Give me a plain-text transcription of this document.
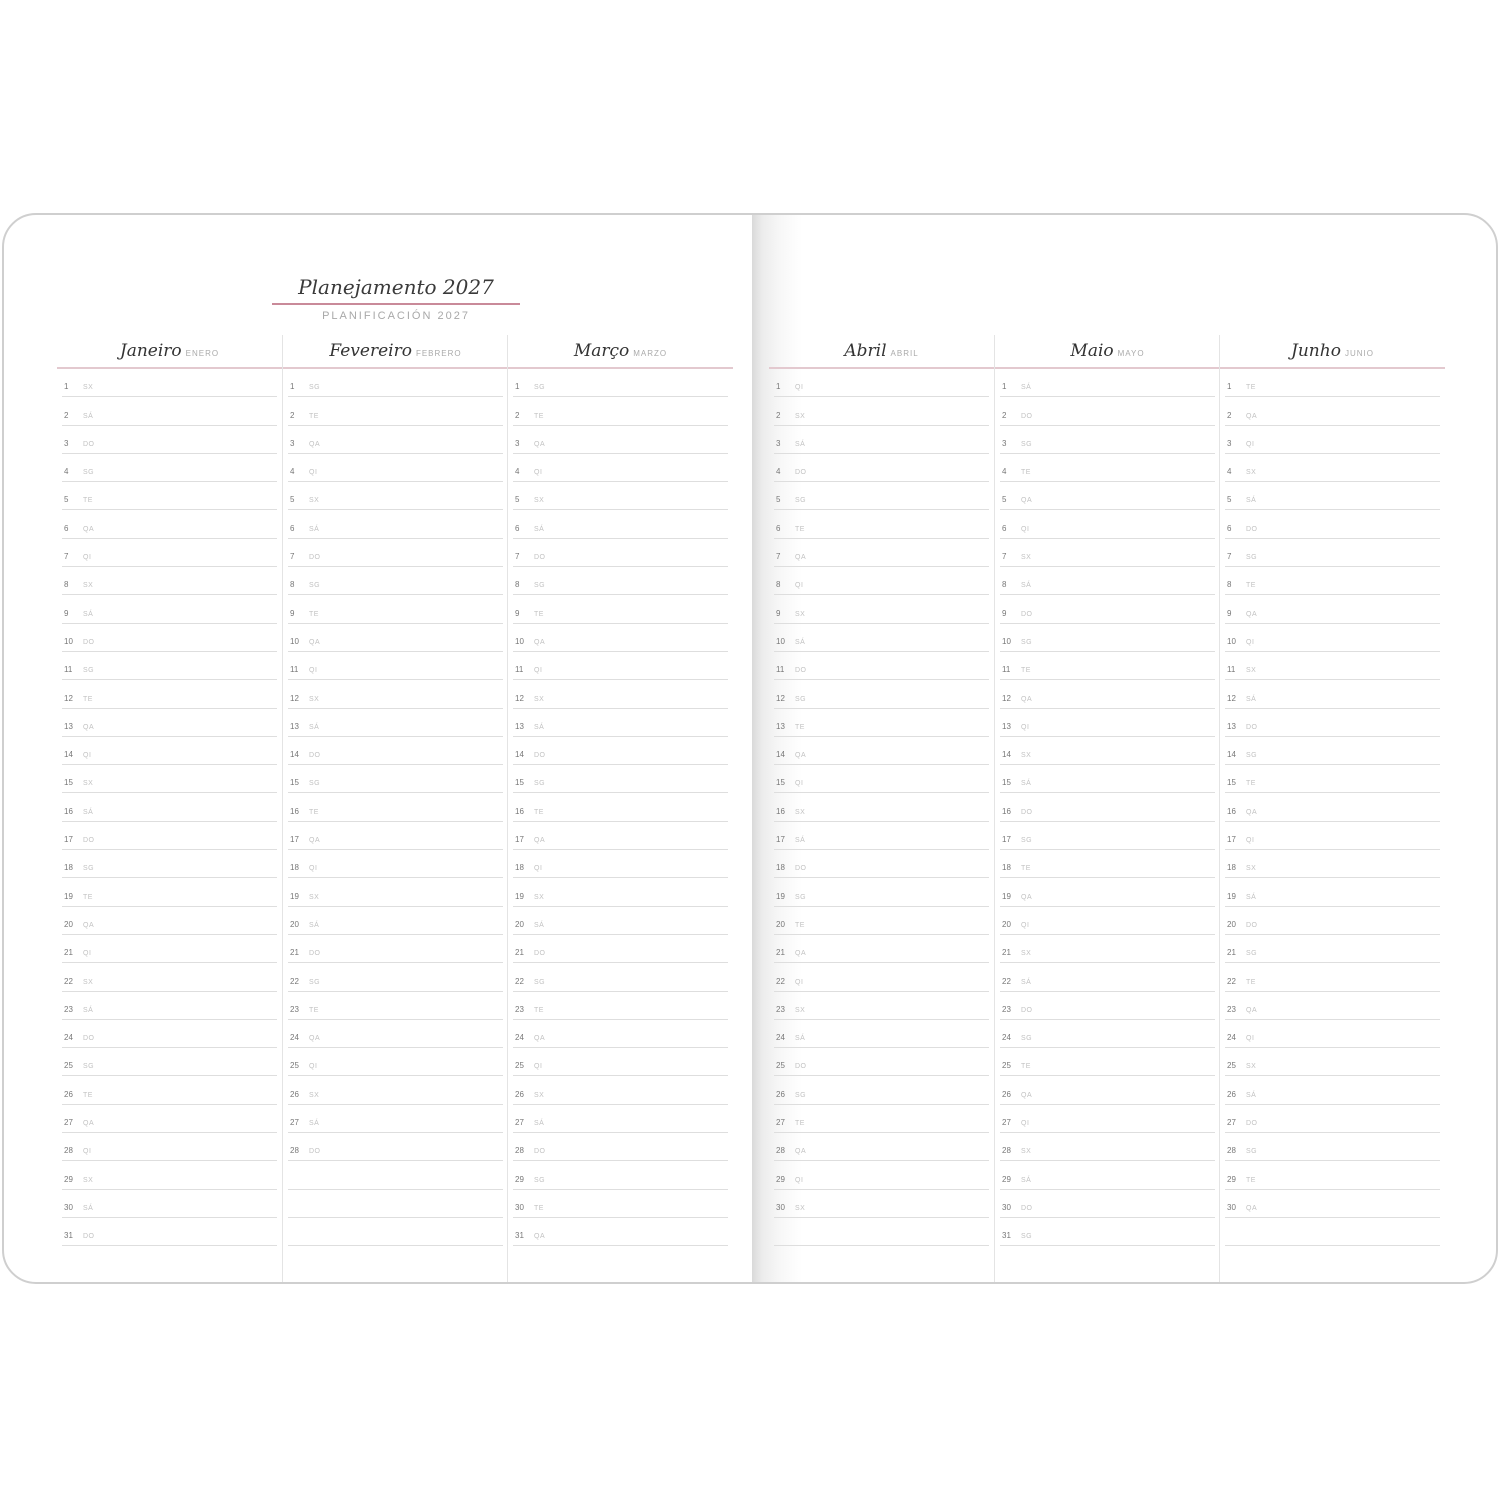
Planejamento 2027
PLANIFICACIÓN 2027
Janeiro ENERO
1 SX
2 SÁ
3 DO
4 SG
5 TE
6 QA
7 QI
8 SX
9 SÁ
10 DO
11 SG
12 TE
13 QA
14 QI
15 SX
16 SÁ
17 DO
18 SG
19 TE
20 QA
21 QI
22 SX
23 SÁ
24 DO
25 SG
26 TE
27 QA
28 QI
29 SX
30 SÁ
31 DO
Fevereiro FEBRERO
1 SG
2 TE
3 QA
4 QI
5 SX
6 SÁ
7 DO
8 SG
9 TE
10 QA
11 QI
12 SX
13 SÁ
14 DO
15 SG
16 TE
17 QA
18 QI
19 SX
20 SÁ
21 DO
22 SG
23 TE
24 QA
25 QI
26 SX
27 SÁ
28 DO
Março MARZO
1 SG
2 TE
3 QA
4 QI
5 SX
6 SÁ
7 DO
8 SG
9 TE
10 QA
11 QI
12 SX
13 SÁ
14 DO
15 SG
16 TE
17 QA
18 QI
19 SX
20 SÁ
21 DO
22 SG
23 TE
24 QA
25 QI
26 SX
27 SÁ
28 DO
29 SG
30 TE
31 QA
Abril ABRIL
1 QI
2 SX
3 SÁ
4 DO
5 SG
6 TE
7 QA
8 QI
9 SX
10 SÁ
11 DO
12 SG
13 TE
14 QA
15 QI
16 SX
17 SÁ
18 DO
19 SG
20 TE
21 QA
22 QI
23 SX
24 SÁ
25 DO
26 SG
27 TE
28 QA
29 QI
30 SX
Maio MAYO
1 SÁ
2 DO
3 SG
4 TE
5 QA
6 QI
7 SX
8 SÁ
9 DO
10 SG
11 TE
12 QA
13 QI
14 SX
15 SÁ
16 DO
17 SG
18 TE
19 QA
20 QI
21 SX
22 SÁ
23 DO
24 SG
25 TE
26 QA
27 QI
28 SX
29 SÁ
30 DO
31 SG
Junho JUNIO
1 TE
2 QA
3 QI
4 SX
5 SÁ
6 DO
7 SG
8 TE
9 QA
10 QI
11 SX
12 SÁ
13 DO
14 SG
15 TE
16 QA
17 QI
18 SX
19 SÁ
20 DO
21 SG
22 TE
23 QA
24 QI
25 SX
26 SÁ
27 DO
28 SG
29 TE
30 QA
